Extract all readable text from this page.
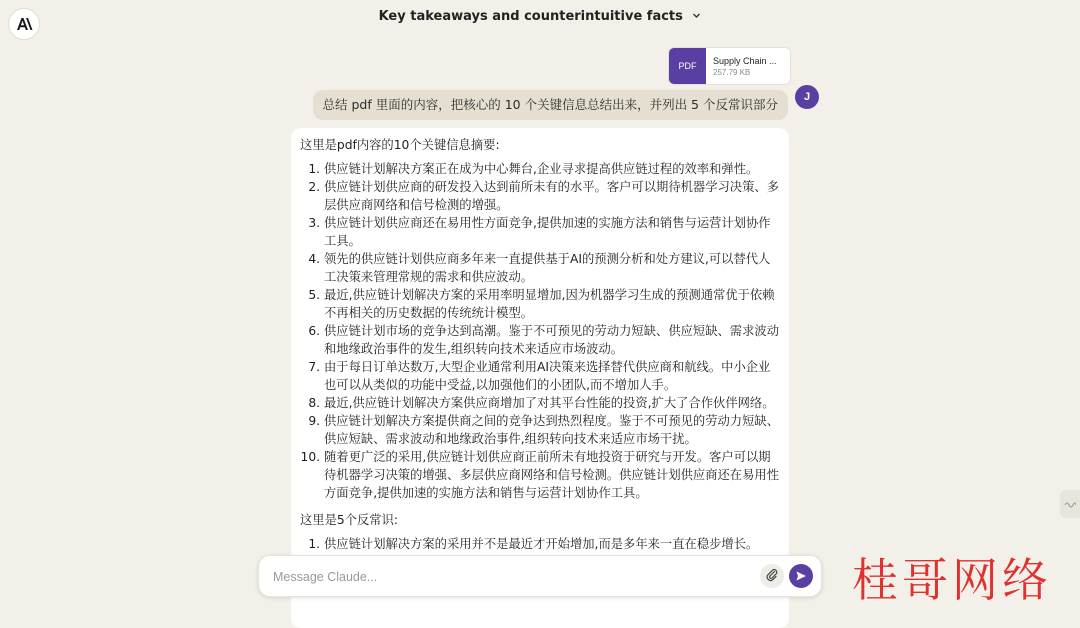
Key takeaways and counterintuitive facts
PDF
Supply Chain ...
257.79 KB
总结 pdf 里面的内容，把核心的 10 个关键信息总结出来，并列出 5 个反常识部分	J

这里是pdf内容的10个关键信息摘要:

1. 供应链计划解决方案正在成为中心舞台,企业寻求提高供应链过程的效率和弹性。
2. 供应链计划供应商的研发投入达到前所未有的水平。客户可以期待机器学习决策、多层供应商网络和信号检测的增强。
3. 供应链计划供应商还在易用性方面竞争,提供加速的实施方法和销售与运营计划协作工具。
4. 领先的供应链计划供应商多年来一直提供基于AI的预测分析和处方建议,可以替代人工决策来管理常规的需求和供应波动。
5. 最近,供应链计划解决方案的采用率明显增加,因为机器学习生成的预测通常优于依赖不再相关的历史数据的传统统计模型。
6. 供应链计划市场的竞争达到高潮。鉴于不可预见的劳动力短缺、供应短缺、需求波动和地缘政治事件的发生,组织转向技术来适应市场波动。
7. 由于每日订单达数万,大型企业通常利用AI决策来选择替代供应商和航线。中小企业也可以从类似的功能中受益,以加强他们的小团队,而不增加人手。
8. 最近,供应链计划解决方案供应商增加了对其平台性能的投资,扩大了合作伙伴网络。
9. 供应链计划解决方案提供商之间的竞争达到热烈程度。鉴于不可预见的劳动力短缺、供应短缺、需求波动和地缘政治事件,组织转向技术来适应市场干扰。
10. 随着更广泛的采用,供应链计划供应商正前所未有地投资于研究与开发。客户可以期待机器学习决策的增强、多层供应商网络和信号检测。供应链计划供应商还在易用性方面竞争,提供加速的实施方法和销售与运营计划协作工具。

这里是5个反常识:

1. 供应链计划解决方案的采用并不是最近才开始增加,而是多年来一直在稳步增长。
2.
3.
Message Claude...
桂哥网络
